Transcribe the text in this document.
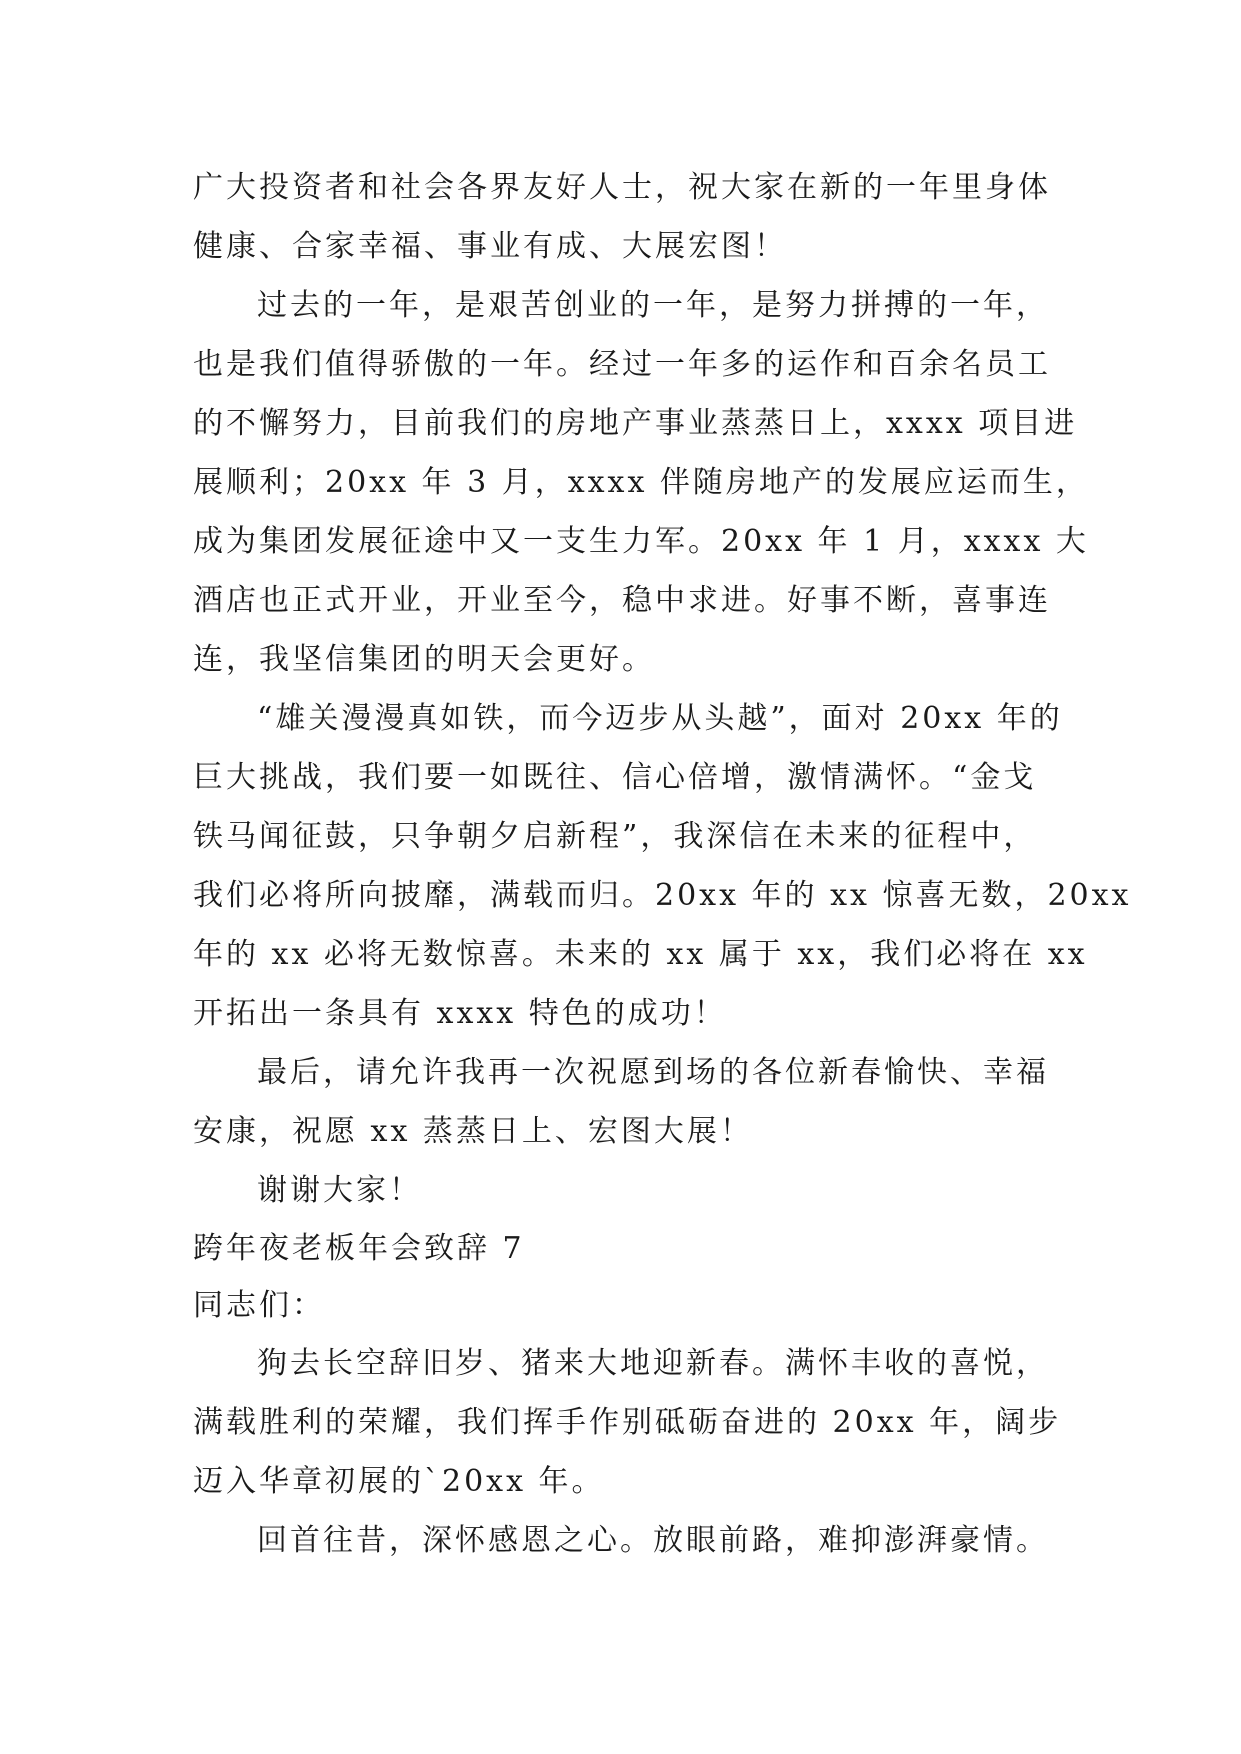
广大投资者和社会各界友好人士，祝大家在新的一年里身体
健康、合家幸福、事业有成、大展宏图！
过去的一年，是艰苦创业的一年，是努力拼搏的一年，
也是我们值得骄傲的一年。经过一年多的运作和百余名员工
的不懈努力，目前我们的房地产事业蒸蒸日上，xxxx 项目进
展顺利；20xx 年 3 月，xxxx 伴随房地产的发展应运而生，
成为集团发展征途中又一支生力军。20xx 年 1 月，xxxx 大
酒店也正式开业，开业至今，稳中求进。好事不断，喜事连
连，我坚信集团的明天会更好。
“雄关漫漫真如铁，而今迈步从头越”，面对 20xx 年的
巨大挑战，我们要一如既往、信心倍增，激情满怀。“金戈
铁马闻征鼓，只争朝夕启新程”，我深信在未来的征程中，
我们必将所向披靡，满载而归。20xx 年的 xx 惊喜无数，20xx
年的 xx 必将无数惊喜。未来的 xx 属于 xx，我们必将在 xx
开拓出一条具有 xxxx 特色的成功！
最后，请允许我再一次祝愿到场的各位新春愉快、幸福
安康，祝愿 xx 蒸蒸日上、宏图大展！
谢谢大家！
跨年夜老板年会致辞 7
同志们：
狗去长空辞旧岁、猪来大地迎新春。满怀丰收的喜悦，
满载胜利的荣耀，我们挥手作别砥砺奋进的 20xx 年，阔步
迈入华章初展的`20xx 年。
回首往昔，深怀感恩之心。放眼前路，难抑澎湃豪情。
